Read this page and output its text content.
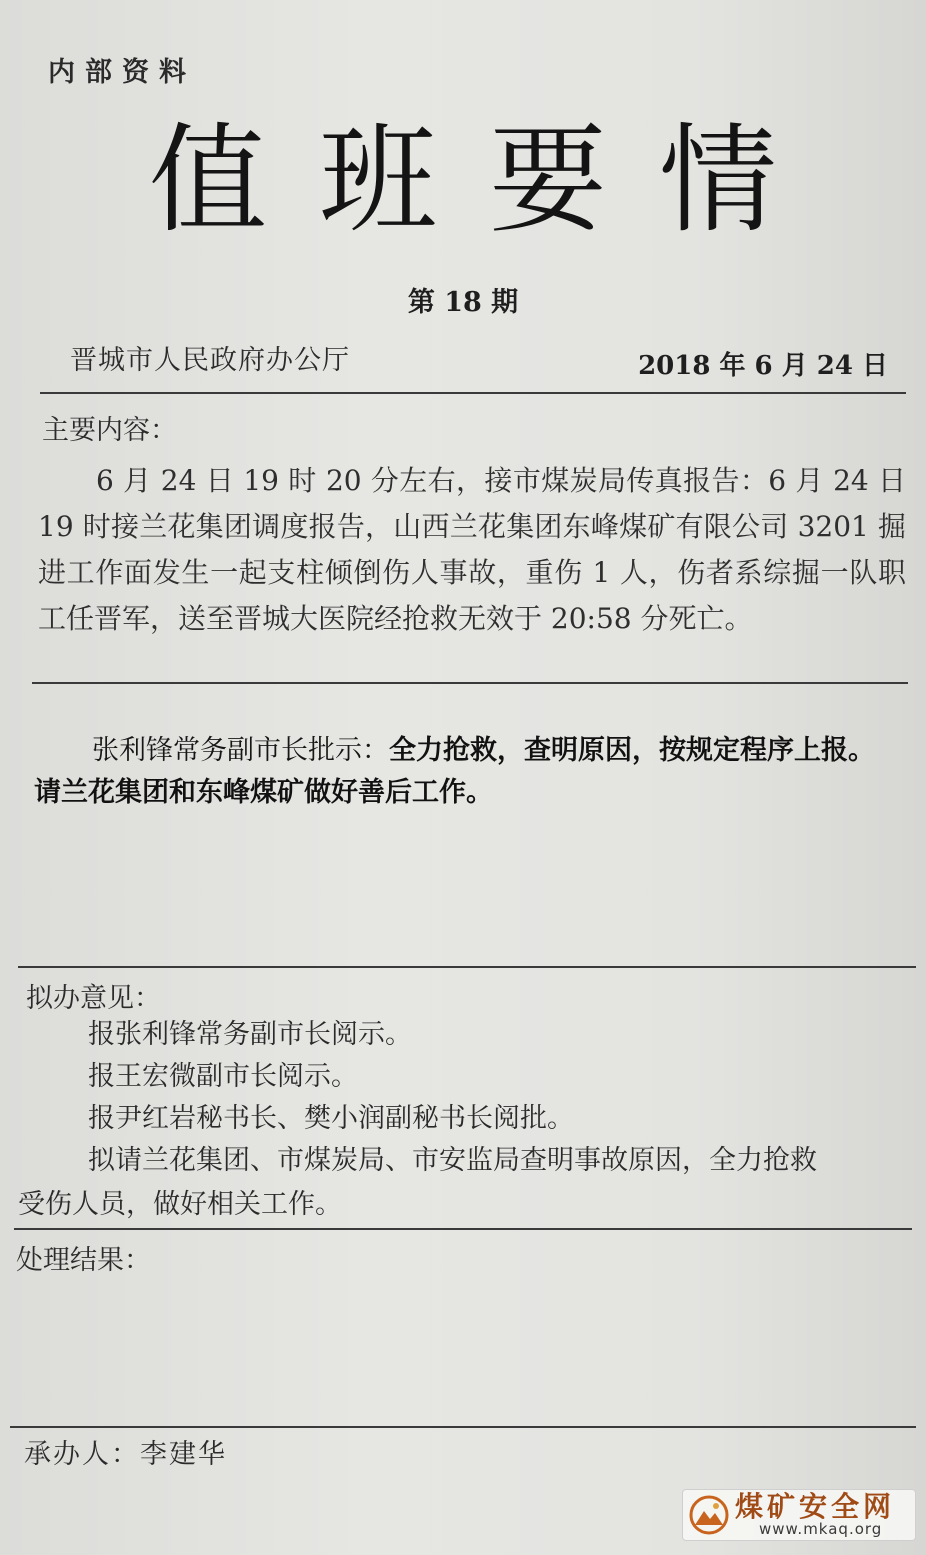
内部资料
值班要情
第 18 期
晋城市人民政府办公厅	2018 年 6 月 24 日
主要内容：
6 月 24 日 19 时 20 分左右，接市煤炭局传真报告：6 月 24 日 19 时接兰花集团调度报告，山西兰花集团东峰煤矿有限公司 3201 掘进工作面发生一起支柱倾倒伤人事故，重伤 1 人，伤者系综掘一队职工任晋军，送至晋城大医院经抢救无效于 20:58 分死亡。
张利锋常务副市长批示：全力抢救，查明原因，按规定程序上报。
请兰花集团和东峰煤矿做好善后工作。
拟办意见：
报张利锋常务副市长阅示。
报王宏微副市长阅示。
报尹红岩秘书长、樊小润副秘书长阅批。
拟请兰花集团、市煤炭局、市安监局查明事故原因，全力抢救
受伤人员，做好相关工作。
处理结果：
承办人：李建华
煤矿安全网
www.mkaq.org
